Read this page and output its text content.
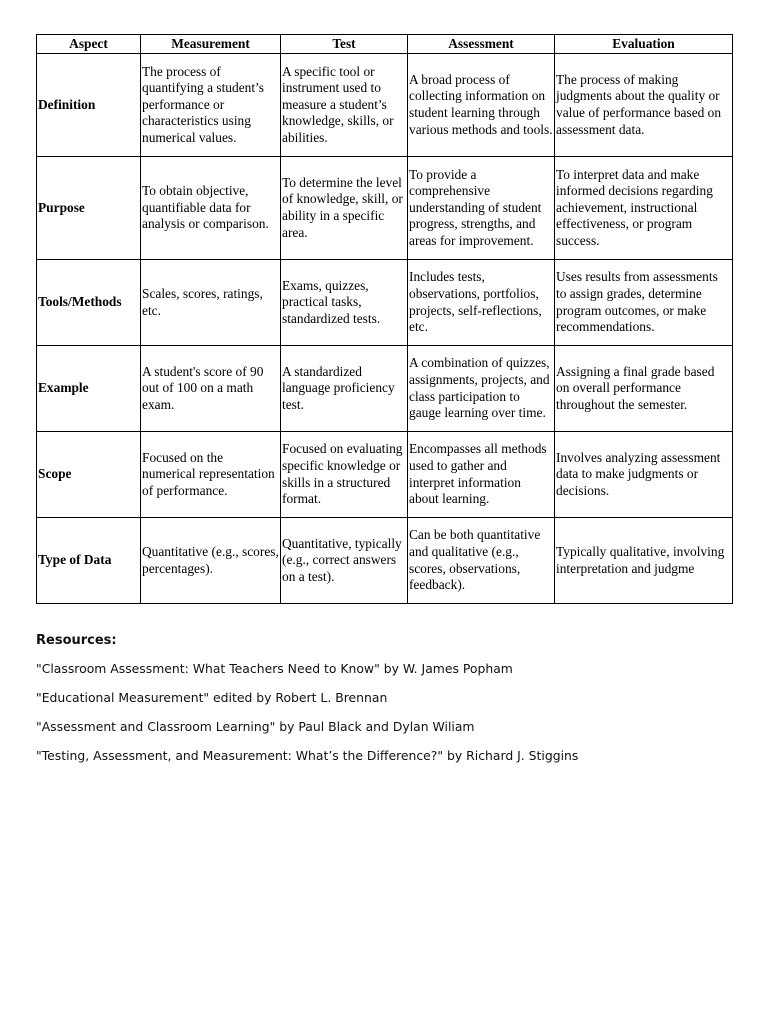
Aspect	Measurement	Test	Assessment	Evaluation
Definition	The process of quantifying a student’s performance or characteristics using numerical values.	A specific tool or instrument used to measure a student’s knowledge, skills, or abilities.	A broad process of collecting information on student learning through various methods and tools.	The process of making judgments about the quality or value of performance based on assessment data.
Purpose	To obtain objective, quantifiable data for analysis or comparison.	To determine the level of knowledge, skill, or ability in a specific area.	To provide a comprehensive understanding of student progress, strengths, and areas for improvement.	To interpret data and make informed decisions regarding achievement, instructional effectiveness, or program success.
Tools/Methods	Scales, scores, ratings, etc.	Exams, quizzes, practical tasks, standardized tests.	Includes tests, observations, portfolios, projects, self-reflections, etc.	Uses results from assessments to assign grades, determine program outcomes, or make recommendations.
Example	A student's score of 90 out of 100 on a math exam.	A standardized language proficiency test.	A combination of quizzes, assignments, projects, and class participation to gauge learning over time.	Assigning a final grade based on overall performance throughout the semester.
Scope	Focused on the numerical representation of performance.	Focused on evaluating specific knowledge or skills in a structured format.	Encompasses all methods used to gather and interpret information about learning.	Involves analyzing assessment data to make judgments or decisions.
Type of Data	Quantitative (e.g., scores, percentages).	Quantitative, typically (e.g., correct answers on a test).	Can be both quantitative and qualitative (e.g., scores, observations, feedback).	Typically qualitative, involving interpretation and judgme
Resources:
"Classroom Assessment: What Teachers Need to Know" by W. James Popham
"Educational Measurement" edited by Robert L. Brennan
"Assessment and Classroom Learning" by Paul Black and Dylan Wiliam
"Testing, Assessment, and Measurement: What’s the Difference?" by Richard J. Stiggins
